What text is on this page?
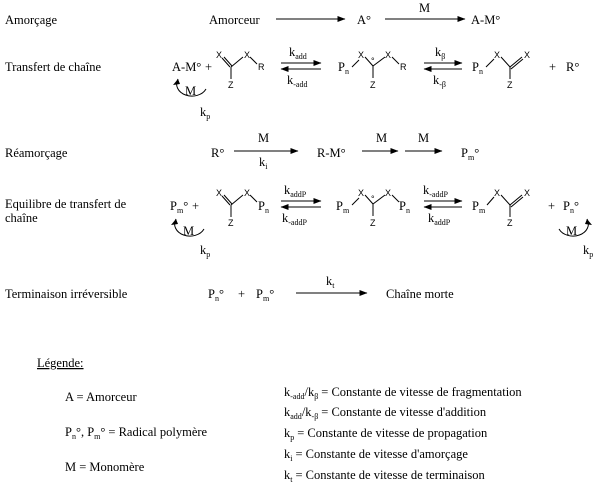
Amorçage
Transfert de chaîne
Réamorçage
Equilibre de transfert de
chaîne
Terminaison irréversible
Amorceur	A°
M
A-M°
A-M° +
M
$k_p$
X X
R
Z
$k_{add}$
$k_{-add}$
$P_n$
X
°
X
Z
R
$k_\beta$
$k_{-\beta}$
$P_n$
X	X
Z
+ R°
R°
M
$k_i$
R-M°
M M
$P_m^\circ$
$P_m^\circ$ +
M
$k_p$
X X
Z
$P_n$
$k_{addP}$
$k_{-addP}$
$P_m$
X
°
X
Z
$P_n$
$k_{-addP}$
$k_{addP}$
$P_m$
X	X
Z
+ $P_n^\circ$
M
$k_p$
$P_n^\circ + P_m^\circ$
$k_t$
Chaîne morte
Légende:
A = Amorceur
$P_n^\circ$, $P_m^\circ$ = Radical polymère
M = Monomère
$k_{-add}/k_\beta$ = Constante de vitesse de fragmentation
$k_{add}/k_{-\beta}$ = Constante de vitesse d'addition
$k_p$ = Constante de vitesse de propagation
$k_i$ = Constante de vitesse d'amorçage
$k_t$ = Constante de vitesse de terminaison
